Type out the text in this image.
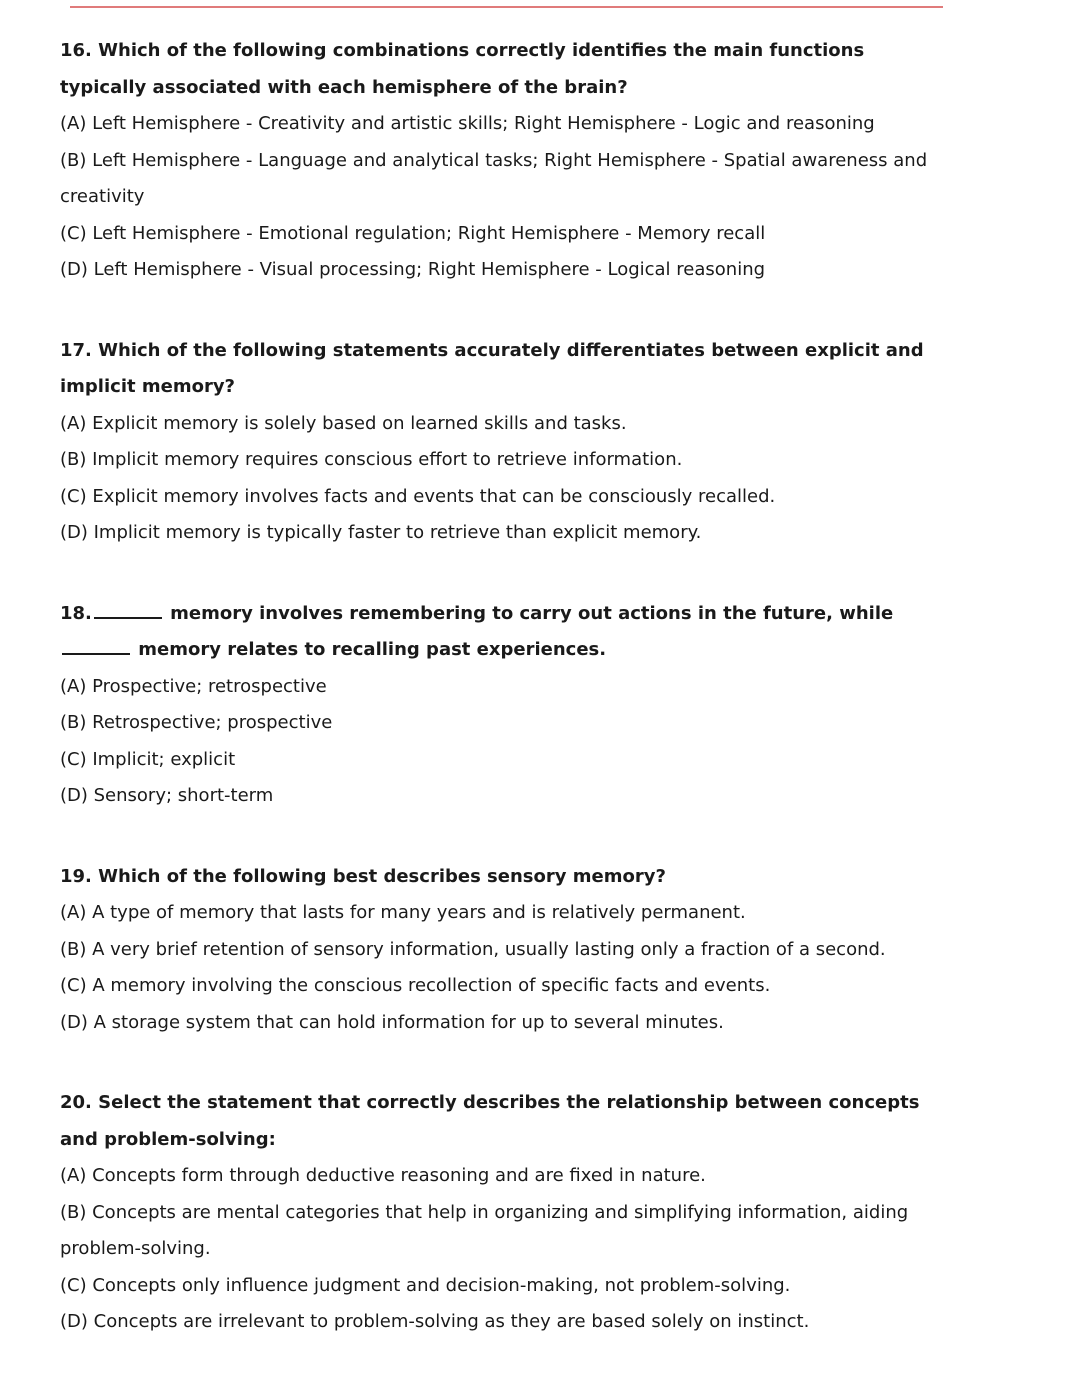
16. Which of the following combinations correctly identifies the main functions typically associated with each hemisphere of the brain?

(A) Left Hemisphere - Creativity and artistic skills; Right Hemisphere - Logic and reasoning

(B) Left Hemisphere - Language and analytical tasks; Right Hemisphere - Spatial awareness and creativity

(C) Left Hemisphere - Emotional regulation; Right Hemisphere - Memory recall

(D) Left Hemisphere - Visual processing; Right Hemisphere - Logical reasoning

17. Which of the following statements accurately differentiates between explicit and implicit memory?

(A) Explicit memory is solely based on learned skills and tasks.

(B) Implicit memory requires conscious effort to retrieve information.

(C) Explicit memory involves facts and events that can be consciously recalled.

(D) Implicit memory is typically faster to retrieve than explicit memory.

18.	memory involves remembering to carry out actions in the future, while  memory relates to recalling past experiences.

(A) Prospective; retrospective

(B) Retrospective; prospective

(C) Implicit; explicit

(D) Sensory; short-term

19. Which of the following best describes sensory memory?

(A) A type of memory that lasts for many years and is relatively permanent.

(B) A very brief retention of sensory information, usually lasting only a fraction of a second.

(C) A memory involving the conscious recollection of specific facts and events.

(D) A storage system that can hold information for up to several minutes.

20. Select the statement that correctly describes the relationship between concepts and problem-solving:

(A) Concepts form through deductive reasoning and are fixed in nature.

(B) Concepts are mental categories that help in organizing and simplifying information, aiding problem-solving.

(C) Concepts only influence judgment and decision-making, not problem-solving.

(D) Concepts are irrelevant to problem-solving as they are based solely on instinct.
